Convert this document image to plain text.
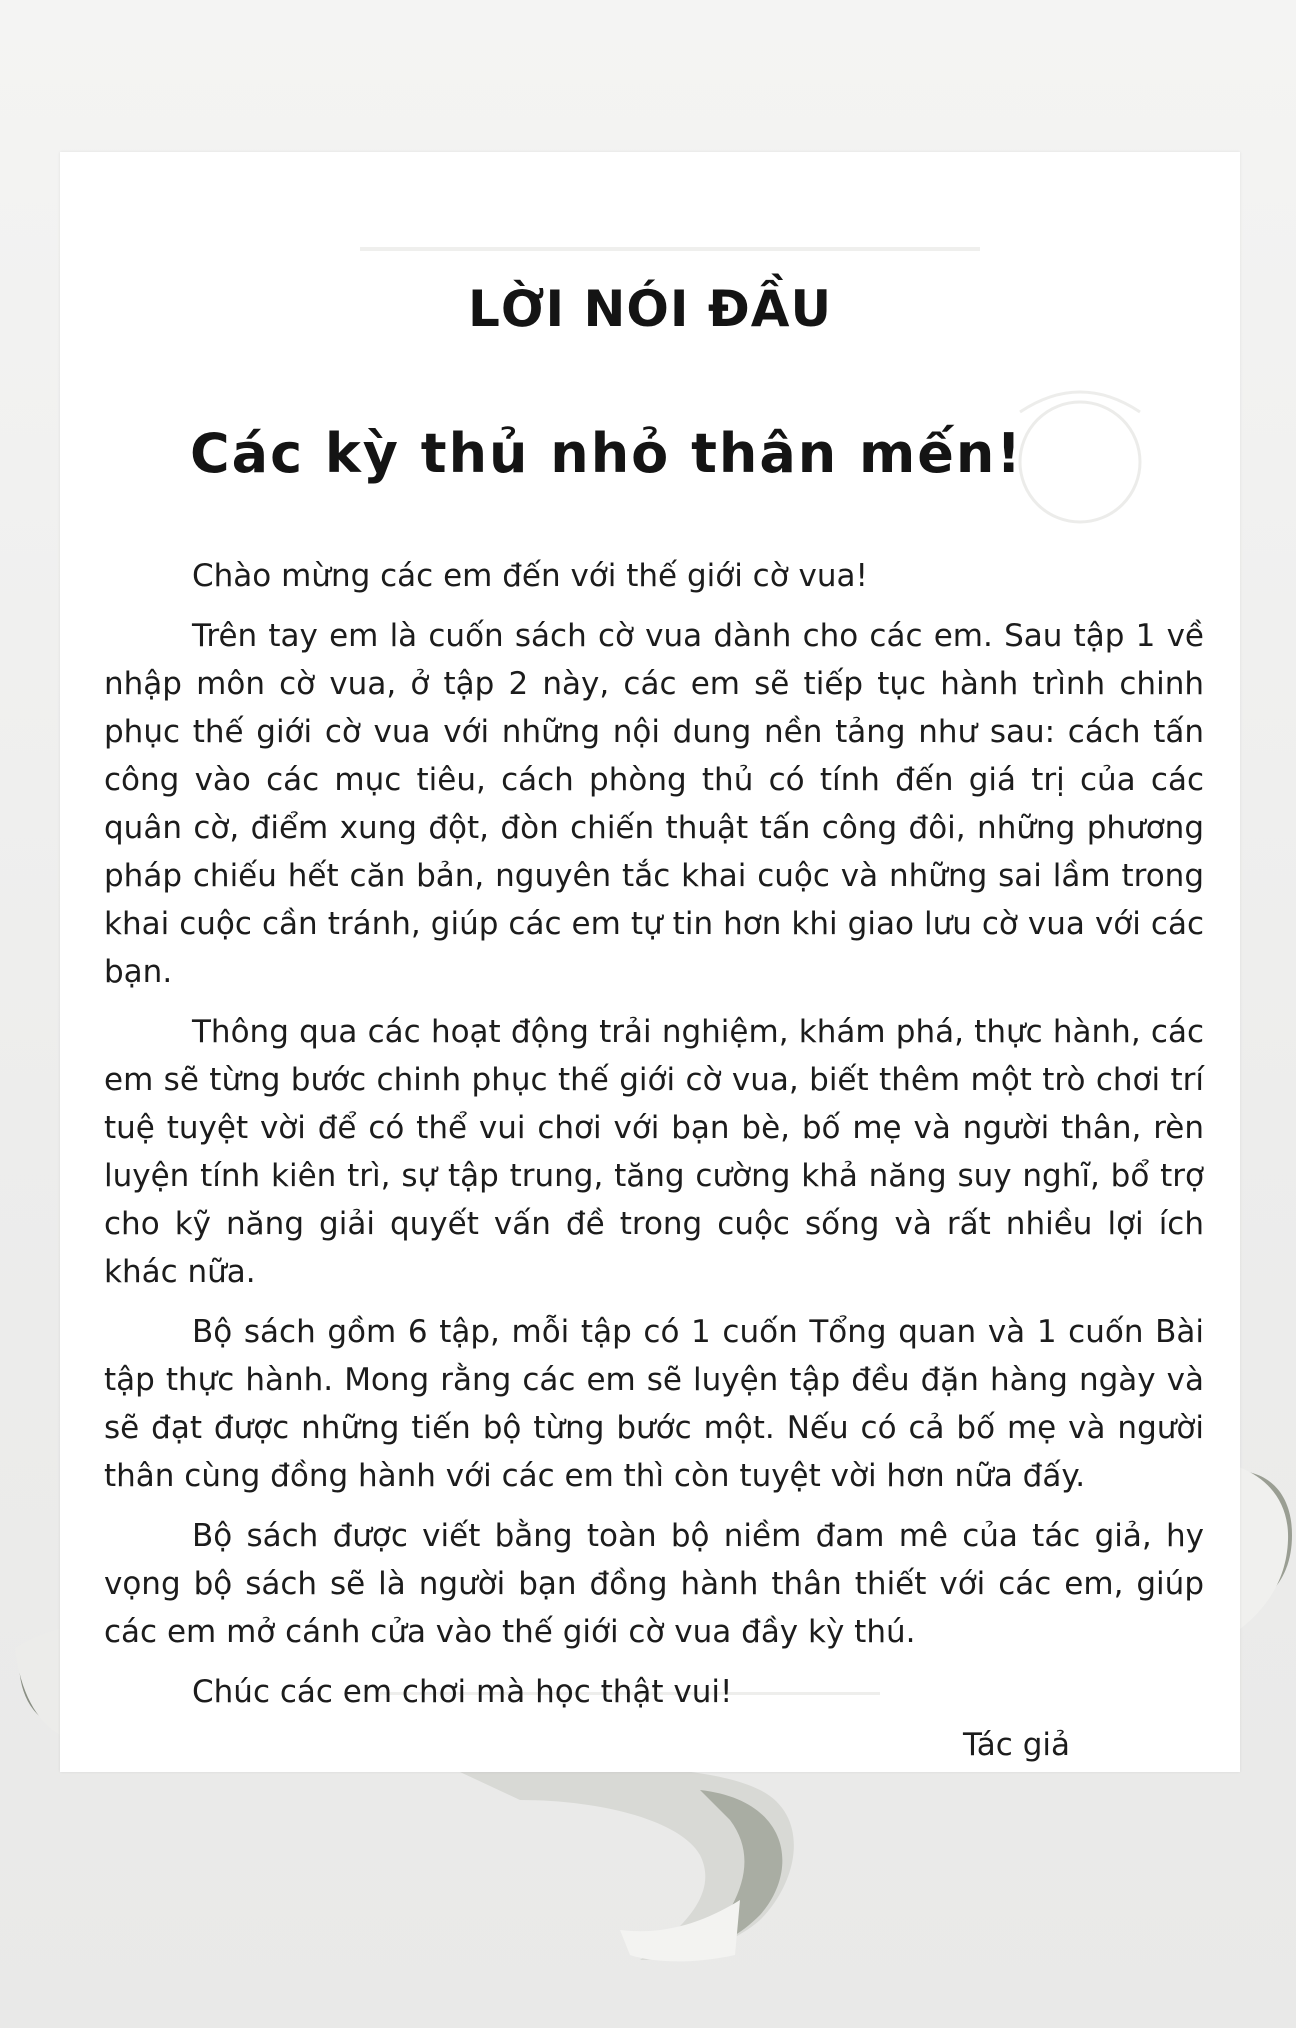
LỜI NÓI ĐẦU
Các kỳ thủ nhỏ thân mến!

Chào mừng các em đến với thế giới cờ vua!

Trên tay em là cuốn sách cờ vua dành cho các em. Sau tập 1 về nhập môn cờ vua, ở tập 2 này, các em sẽ tiếp tục hành trình chinh phục thế giới cờ vua với những nội dung nền tảng như sau: cách tấn công vào các mục tiêu, cách phòng thủ có tính đến giá trị của các quân cờ, điểm xung đột, đòn chiến thuật tấn công đôi, những phương pháp chiếu hết căn bản, nguyên tắc khai cuộc và những sai lầm trong khai cuộc cần tránh, giúp các em tự tin hơn khi giao lưu cờ vua với các bạn.

Thông qua các hoạt động trải nghiệm, khám phá, thực hành, các em sẽ từng bước chinh phục thế giới cờ vua, biết thêm một trò chơi trí tuệ tuyệt vời để có thể vui chơi với bạn bè, bố mẹ và người thân, rèn luyện tính kiên trì, sự tập trung, tăng cường khả năng suy nghĩ, bổ trợ cho kỹ năng giải quyết vấn đề trong cuộc sống và rất nhiều lợi ích khác nữa.

Bộ sách gồm 6 tập, mỗi tập có 1 cuốn Tổng quan và 1 cuốn Bài tập thực hành. Mong rằng các em sẽ luyện tập đều đặn hàng ngày và sẽ đạt được những tiến bộ từng bước một. Nếu có cả bố mẹ và người thân cùng đồng hành với các em thì còn tuyệt vời hơn nữa đấy.

Bộ sách được viết bằng toàn bộ niềm đam mê của tác giả, hy vọng bộ sách sẽ là người bạn đồng hành thân thiết với các em, giúp các em mở cánh cửa vào thế giới cờ vua đầy kỳ thú.

Chúc các em chơi mà học thật vui!

Tác giả
